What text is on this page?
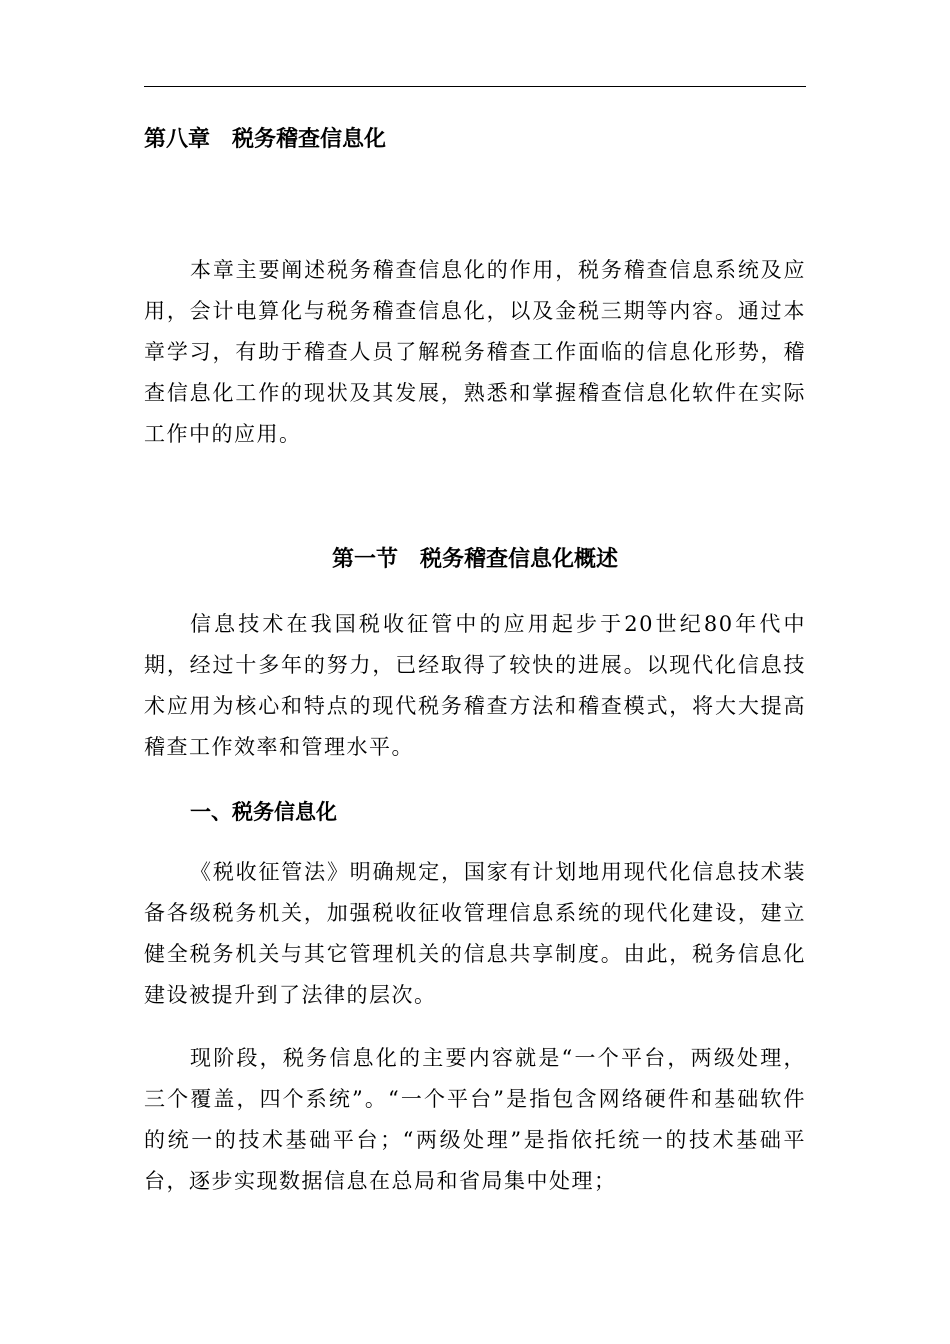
第八章　税务稽查信息化

本章主要阐述税务稽查信息化的作用，税务稽查信息系统及应用，会计电算化与税务稽查信息化，以及金税三期等内容。通过本章学习，有助于稽查人员了解税务稽查工作面临的信息化形势，稽查信息化工作的现状及其发展，熟悉和掌握稽查信息化软件在实际工作中的应用。

第一节　税务稽查信息化概述

信息技术在我国税收征管中的应用起步于20世纪80年代中期，经过十多年的努力，已经取得了较快的进展。以现代化信息技术应用为核心和特点的现代税务稽查方法和稽查模式，将大大提高稽查工作效率和管理水平。

一、税务信息化

《税收征管法》明确规定，国家有计划地用现代化信息技术装备各级税务机关，加强税收征收管理信息系统的现代化建设，建立健全税务机关与其它管理机关的信息共享制度。由此，税务信息化建设被提升到了法律的层次。

现阶段，税务信息化的主要内容就是“一个平台，两级处理，三个覆盖，四个系统”。“一个平台”是指包含网络硬件和基础软件的统一的技术基础平台；“两级处理”是指依托统一的技术基础平台，逐步实现数据信息在总局和省局集中处理；
